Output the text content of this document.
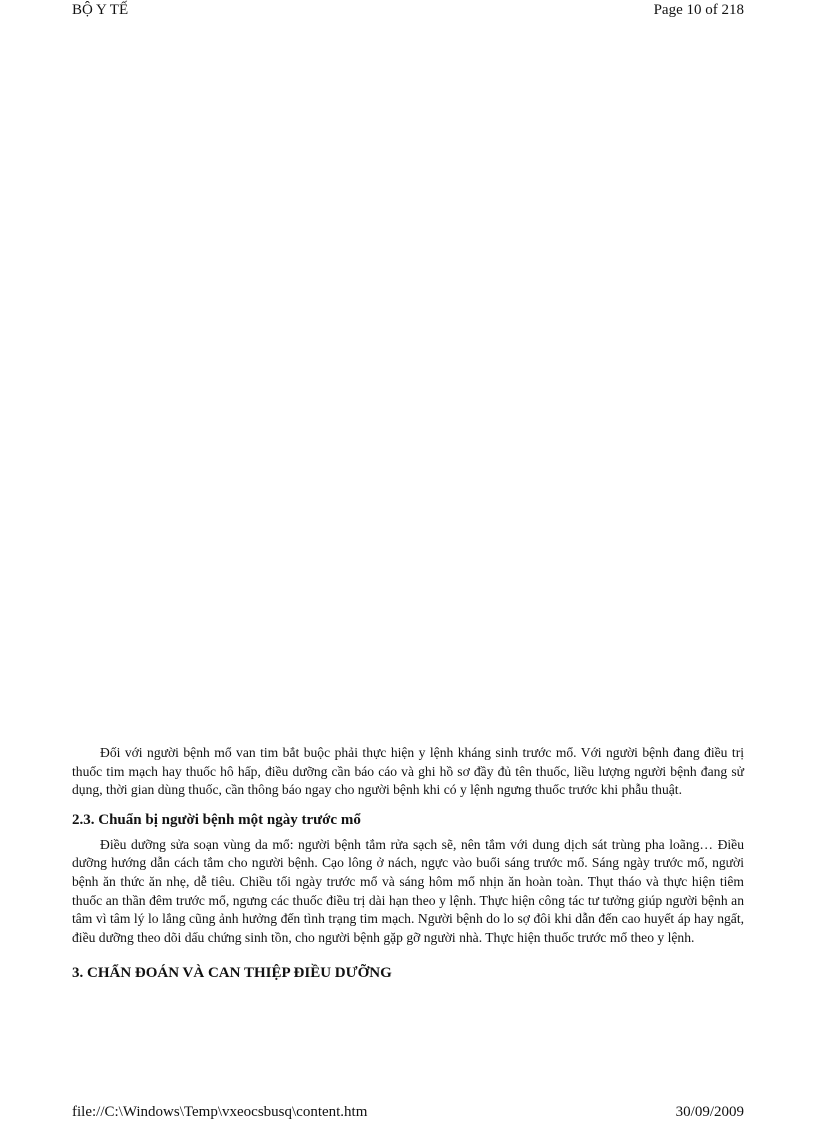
BỘ Y TẾ	Page 10 of 218

Đối với người bệnh mổ van tim bắt buộc phải thực hiện y lệnh kháng sinh trước mổ. Với người bệnh đang điều trị thuốc tim mạch hay thuốc hô hấp, điều dưỡng cần báo cáo và ghi hồ sơ đầy đủ tên thuốc, liều lượng người bệnh đang sử dụng, thời gian dùng thuốc, cần thông báo ngay cho người bệnh khi có y lệnh ngưng thuốc trước khi phẫu thuật.

2.3. Chuẩn bị người bệnh một ngày trước mổ

Điều dưỡng sửa soạn vùng da mổ: người bệnh tắm rửa sạch sẽ, nên tắm với dung dịch sát trùng pha loãng… Điều dưỡng hướng dẫn cách tắm cho người bệnh. Cạo lông ở nách, ngực vào buổi sáng trước mổ. Sáng ngày trước mổ, người bệnh ăn thức ăn nhẹ, dễ tiêu. Chiều tối ngày trước mổ và sáng hôm mổ nhịn ăn hoàn toàn. Thụt tháo và thực hiện tiêm thuốc an thần đêm trước mổ, ngưng các thuốc điều trị dài hạn theo y lệnh. Thực hiện công tác tư tưởng giúp người bệnh an tâm vì tâm lý lo lắng cũng ảnh hưởng đến tình trạng tim mạch. Người bệnh do lo sợ đôi khi dẫn đến cao huyết áp hay ngất, điều dưỡng theo dõi dấu chứng sinh tồn, cho người bệnh gặp gỡ người nhà. Thực hiện thuốc trước mổ theo y lệnh.

3. CHẨN ĐOÁN VÀ CAN THIỆP ĐIỀU DƯỠNG
file://C:\Windows\Temp\vxeocsbusq\content.htm	30/09/2009
